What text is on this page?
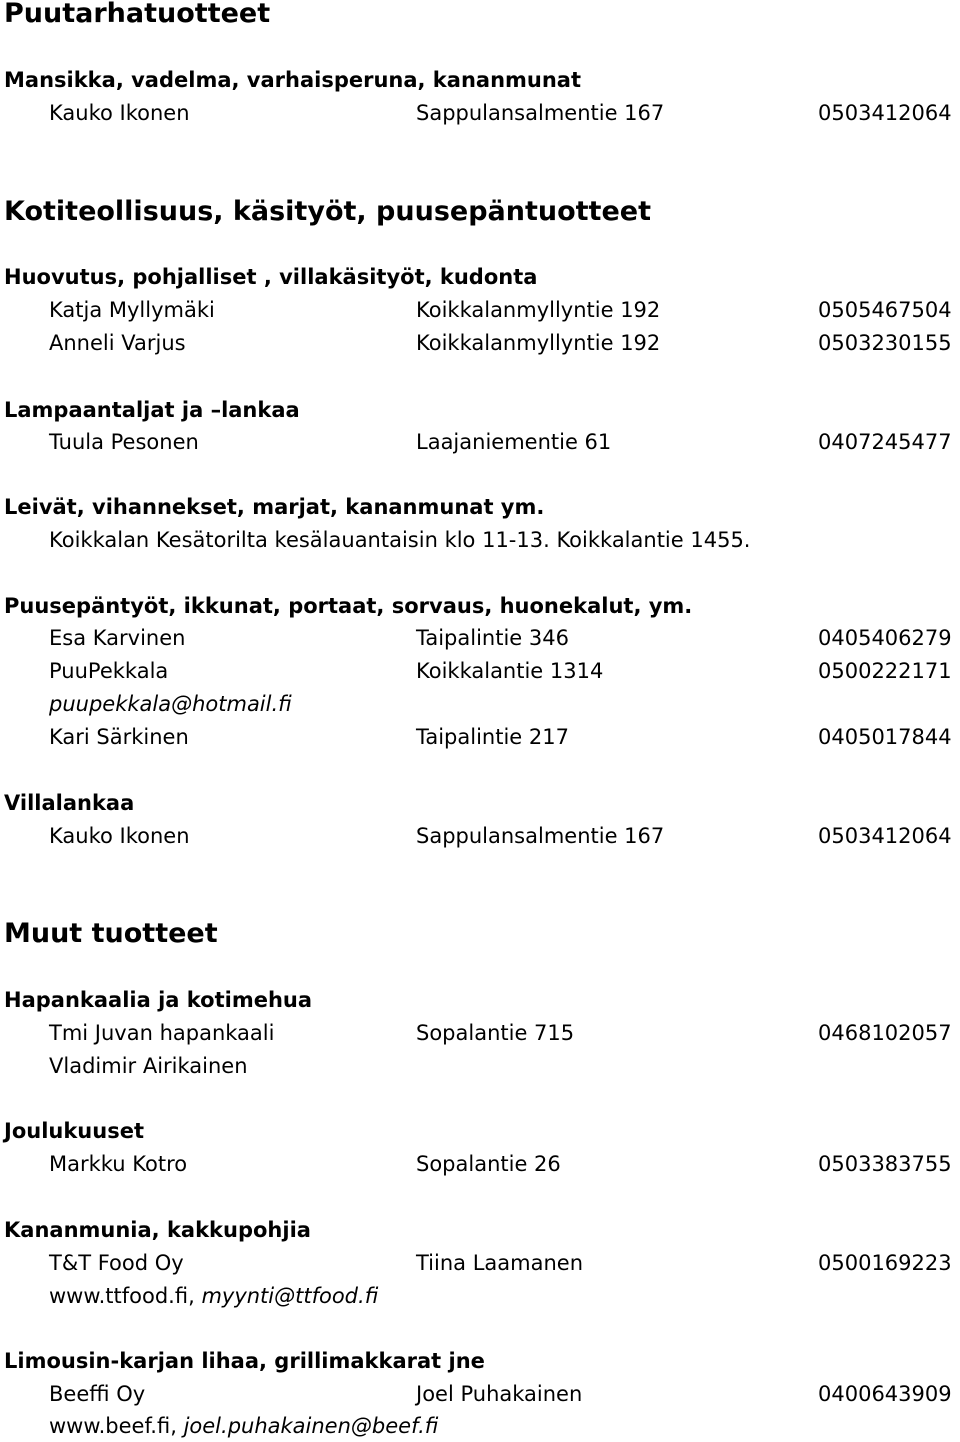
Puutarhatuotteet
Mansikka, vadelma, varhaisperuna, kananmunat
Kauko Ikonen	Sappulansalmentie 167	0503412064
Kotiteollisuus, käsityöt, puusepäntuotteet
Huovutus, pohjalliset , villakäsityöt, kudonta
Katja Myllymäki	Koikkalanmyllyntie 192	0505467504
Anneli Varjus	Koikkalanmyllyntie 192	0503230155
Lampaantaljat ja –lankaa
Tuula Pesonen	Laajaniementie 61	0407245477
Leivät, vihannekset, marjat, kananmunat ym.
Koikkalan Kesätorilta kesälauantaisin klo 11-13. Koikkalantie 1455.
Puusepäntyöt, ikkunat, portaat, sorvaus, huonekalut, ym.
Esa Karvinen	Taipalintie 346	0405406279
PuuPekkala	Koikkalantie 1314	0500222171
puupekkala@hotmail.fi
Kari Särkinen	Taipalintie 217	0405017844
Villalankaa
Kauko Ikonen	Sappulansalmentie 167	0503412064
Muut tuotteet
Hapankaalia ja kotimehua
Tmi Juvan hapankaali	Sopalantie 715	0468102057
Vladimir Airikainen
Joulukuuset
Markku Kotro	Sopalantie 26	0503383755
Kananmunia, kakkupohjia
T&T Food Oy	Tiina Laamanen	0500169223
www.ttfood.fi, myynti@ttfood.fi
Limousin-karjan lihaa, grillimakkarat jne
Beeffi Oy	Joel Puhakainen	0400643909
www.beef.fi, joel.puhakainen@beef.fi
